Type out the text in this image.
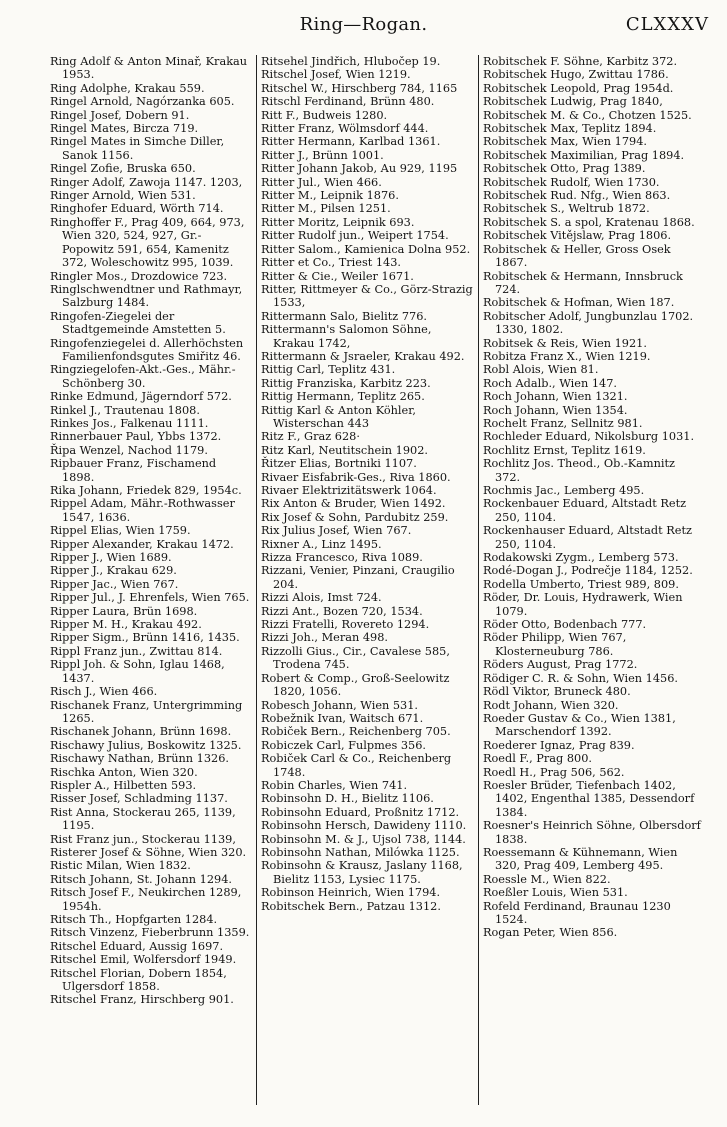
Ring—Rogan.	CLXXXV

Ring Adolf & Anton Minař, Krakau 1953.

Ring Adolphe, Krakau 559.

Ringel Arnold, Nagórzanka 605.

Ringel Josef, Dobern 91.

Ringel Mates, Bircza 719.

Ringel Mates in Simche Diller, Sanok 1156.

Ringel Zofie, Bruska 650.

Ringer Adolf, Zawoja 1147. 1203,

Ringer Arnold, Wien 531.

Ringhofer Eduard, Wörth 714.

Ringhoffer F., Prag 409, 664, 973, Wien 320, 524, 927, Gr.-Popowitz 591, 654, Kamenitz 372, Woleschowitz 995, 1039.

Ringler Mos., Drozdowice 723.

Ringlschwendtner und Rathmayr, Salzburg 1484.

Ringofen-Ziegelei der Stadtgemeinde Amstetten 5.

Ringofenziegelei d. Allerhöchsten Familienfondsgutes Smiřitz 46.

Ringziegelofen-Akt.-Ges., Mähr.-Schönberg 30.

Rinke Edmund, Jägerndorf 572.

Rinkel J., Trautenau 1808.

Rinkes Jos., Falkenau 1111.

Rinnerbauer Paul, Ybbs 1372.

Řipa Wenzel, Nachod 1179.

Ripbauer Franz, Fischamend 1898.

Rika Johann, Friedek 829, 1954c.

Rippel Adam, Mähr.-Rothwasser 1547, 1636.

Rippel Elias, Wien 1759.

Ripper Alexander, Krakau 1472.

Ripper J., Wien 1689.

Ripper J., Krakau 629.

Ripper Jac., Wien 767.

Ripper Jul., J. Ehrenfels, Wien 765.

Ripper Laura, Brün 1698.

Ripper M. H., Krakau 492.

Ripper Sigm., Brünn 1416, 1435.

Rippl Franz jun., Zwittau 814.

Rippl Joh. & Sohn, Iglau 1468, 1437.

Risch J., Wien 466.

Rischanek Franz, Untergrimming 1265.

Rischanek Johann, Brünn 1698.

Rischawy Julius, Boskowitz 1325.

Rischawy Nathan, Brünn 1326.

Rischka Anton, Wien 320.

Rispler A., Hilbetten 593.

Risser Josef, Schladming 1137.

Rist Anna, Stockerau 265, 1139, 1195.

Rist Franz jun., Stockerau 1139,

Risterer Josef & Söhne, Wien 320.

Ristic Milan, Wien 1832.

Ritsch Johann, St. Johann 1294.

Ritsch Josef F., Neukirchen 1289, 1954h.

Ritsch Th., Hopfgarten 1284.

Ritsch Vinzenz, Fieberbrunn 1359.

Ritschel Eduard, Aussig 1697.

Ritschel Emil, Wolfersdorf 1949.

Ritschel Florian, Dobern 1854, Ulgersdorf 1858.

Ritschel Franz, Hirschberg 901.

Ritsehel Jindřich, Hlubočep 19.

Ritschel Josef, Wien 1219.

Ritschel W., Hirschberg 784, 1165

Ritschl Ferdinand, Brünn 480.

Ritt F., Budweis 1280.

Ritter Franz, Wölmsdorf 444.

Ritter Hermann, Karlbad 1361.

Ritter J., Brünn 1001.

Ritter Johann Jakob, Au 929, 1195

Ritter Jul., Wien 466.

Ritter M., Leipnik 1876.

Ritter M., Pilsen 1251.

Ritter Moritz, Leipnik 693.

Ritter Rudolf jun., Weipert 1754.

Ritter Salom., Kamienica Dolna 952.

Ritter et Co., Triest 143.

Ritter & Cie., Weiler 1671.

Ritter, Rittmeyer & Co., Görz-Strazig 1533,

Rittermann Salo, Bielitz 776.

Rittermann's Salomon Söhne, Krakau 1742,

Rittermann & Jsraeler, Krakau 492.

Rittig Carl, Teplitz 431.

Rittig Franziska, Karbitz 223.

Rittig Hermann, Teplitz 265.

Rittig Karl & Anton Köhler, Wisterschan 443

Ritz F., Graz 628·

Ritz Karl, Neutitschein 1902.

Řitzer Elias, Bortniki 1107.

Rivaer Eisfabrik-Ges., Riva 1860.

Rivaer Elektrizitätswerk 1064.

Rix Anton & Bruder, Wien 1492.

Rix Josef & Sohn, Pardubitz 259.

Rix Julius Josef, Wien 767.

Rixner A., Linz 1495.

Rizza Francesco, Riva 1089.

Rizzani, Venier, Pinzani, Craugilio 204.

Rizzi Alois, Imst 724.

Rizzi Ant., Bozen 720, 1534.

Rizzi Fratelli, Rovereto 1294.

Rizzi Joh., Meran 498.

Rizzolli Gius., Cir., Cavalese 585, Trodena 745.

Robert & Comp., Groß-Seelowitz 1820, 1056.

Robesch Johann, Wien 531.

Robežnik Ivan, Waitsch 671.

Robiček Bern., Reichenberg 705.

Robiczek Carl, Fulpmes 356.

Robiček Carl & Co., Reichenberg 1748.

Robin Charles, Wien 741.

Robinsohn D. H., Bielitz 1106.

Robinsohn Eduard, Proßnitz 1712.

Robinsohn Hersch, Dawideny 1110.

Robinsohn M. & J., Ujsol 738, 1144.

Robinsohn Nathan, Milówka 1125.

Robinsohn & Krausz, Jaslany 1168, Bielitz 1153, Lysiec 1175.

Robinson Heinrich, Wien 1794.

Robitschek Bern., Patzau 1312.

Robitschek F. Söhne, Karbitz 372.

Robitschek Hugo, Zwittau 1786.

Robitschek Leopold, Prag 1954d.

Robitschek Ludwig, Prag 1840,

Robitschek M. & Co., Chotzen 1525.

Robitschek Max, Teplitz 1894.

Robitschek Max, Wien 1794.

Robitschek Maximilian, Prag 1894.

Robitschek Otto, Prag 1389.

Robitschek Rudolf, Wien 1730.

Robitschek Rud. Nfg., Wien 863.

Robitschek S., Weltrub 1872.

Robitschek S. a spol, Kratenau 1868.

Robitschek Vitějslaw, Prag 1806.

Robitschek & Heller, Gross Osek 1867.

Robitschek & Hermann, Innsbruck 724.

Robitschek & Hofman, Wien 187.

Robitscher Adolf, Jungbunzlau 1702. 1330, 1802.

Robitsek & Reis, Wien 1921.

Robitza Franz X., Wien 1219.

Robl Alois, Wien 81.

Roch Adalb., Wien 147.

Roch Johann, Wien 1321.

Roch Johann, Wien 1354.

Rochelt Franz, Sellnitz 981.

Rochleder Eduard, Nikolsburg 1031.

Rochlitz Ernst, Teplitz 1619.

Rochlitz Jos. Theod., Ob.-Kamnitz 372.

Rochmis Jac., Lemberg 495.

Rockenbauer Eduard, Altstadt Retz 250, 1104.

Rockenhauser Eduard, Altstadt Retz 250, 1104.

Rodakowski Zygm., Lemberg 573.

Rodé-Dogan J., Podrečje 1184, 1252.

Rodella Umberto, Triest 989, 809.

Röder, Dr. Louis, Hydrawerk, Wien 1079.

Röder Otto, Bodenbach 777.

Röder Philipp, Wien 767, Klosterneuburg 786.

Röders August, Prag 1772.

Rödiger C. R. & Sohn, Wien 1456.

Rödl Viktor, Bruneck 480.

Rodt Johann, Wien 320.

Roeder Gustav & Co., Wien 1381, Marschendorf 1392.

Roederer Ignaz, Prag 839.

Roedl F., Prag 800.

Roedl H., Prag 506, 562.

Roesler Brüder, Tiefenbach 1402, 1402, Engenthal 1385, Dessendorf 1384.

Roesner's Heinrich Söhne, Olbersdorf 1838.

Roessemann & Kühnemann, Wien 320, Prag 409, Lemberg 495.

Roessle M., Wien 822.

Roeßler Louis, Wien 531.

Rofeld Ferdinand, Braunau 1230 1524.

Rogan Peter, Wien 856.
